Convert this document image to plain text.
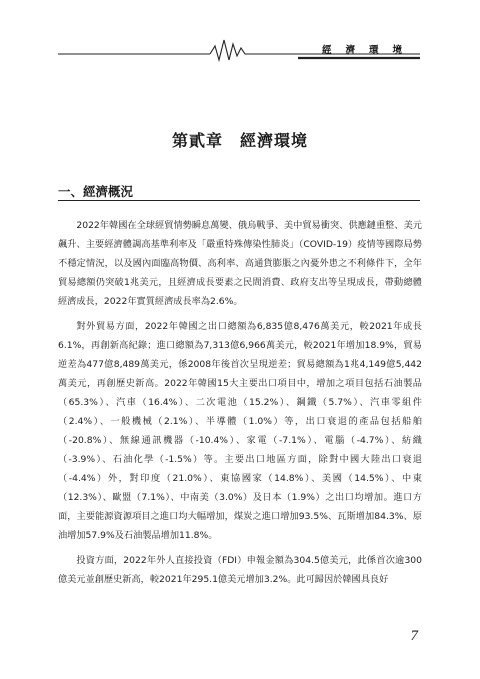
經濟環境
第貳章　經濟環境
一、經濟概況

2022年韓國在全球經貿情勢瞬息萬變、俄烏戰爭、美中貿易衝突、供應鏈重整、美元飆升、主要經濟體調高基準利率及「嚴重特殊傳染性肺炎」（COVID-19）疫情等國際局勢不穩定情況，以及國內面臨高物價、高利率、高通貨膨脹之內憂外患之不利條件下，全年貿易總額仍突破1兆美元，且經濟成長要素之民間消費、政府支出等呈現成長，帶動總體經濟成長，2022年實質經濟成長率為2.6%。

對外貿易方面，2022年韓國之出口總額為6,835億8,476萬美元，較2021年成長6.1%，再創新高紀錄；進口總額為7,313億6,966萬美元，較2021年增加18.9%，貿易逆差為477億8,489萬美元，係2008年後首次呈現逆差；貿易總額為1兆4,149億5,442萬美元，再創歷史新高。2022年韓國15大主要出口項目中，增加之項目包括石油製品（65.3%）、汽車（16.4%）、二次電池（15.2%）、鋼鐵（5.7%）、汽車零組件（2.4%）、一般機械（2.1%）、半導體（1.0%）等，出口衰退的產品包括船舶（-20.8%）、無線通訊機器（-10.4%）、家電（-7.1%）、電腦（-4.7%）、紡織（-3.9%）、石油化學（-1.5%）等。主要出口地區方面，除對中國大陸出口衰退（-4.4%）外，對印度（21.0%）、東協國家（14.8%）、美國（14.5%）、中東（12.3%）、歐盟（7.1%）、中南美（3.0%）及日本（1.9%）之出口均增加。進口方面，主要能源資源項目之進口均大幅增加，煤炭之進口增加93.5%、瓦斯增加84.3%、原油增加57.9%及石油製品增加11.8%。

投資方面，2022年外人直接投資（FDI）申報金額為304.5億美元，此係首次逾300億美元並創歷史新高，較2021年295.1億美元增加3.2%。此可歸因於韓國具良好

7
